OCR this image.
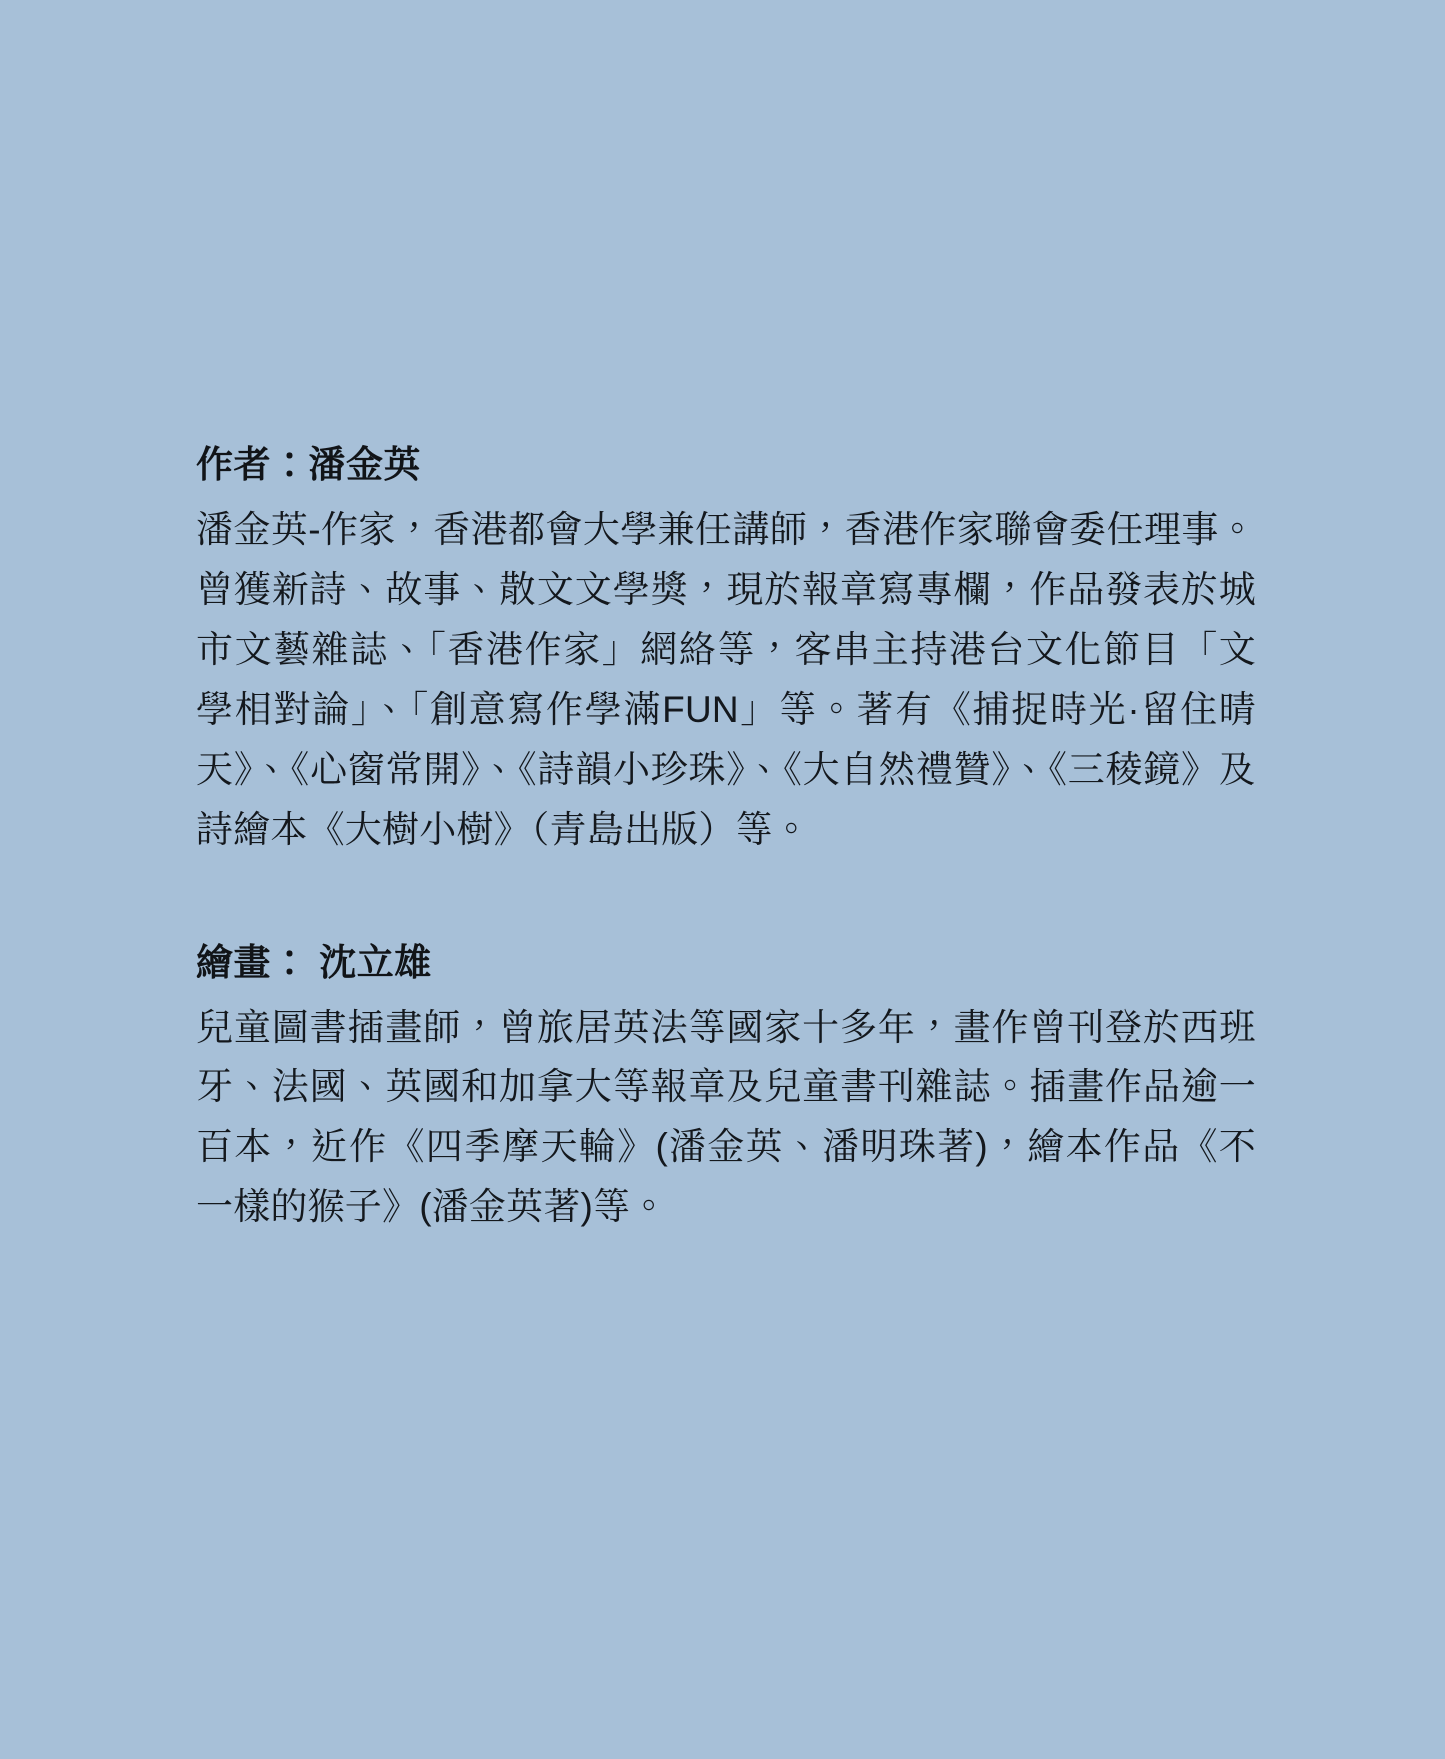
作者：潘金英

潘金英-作家，香港都會大學兼任講師，香港作家聯會委任理事。曾獲新詩、故事、散文文學獎，現於報章寫專欄，作品發表於城市文藝雜誌、「香港作家」網絡等，客串主持港台文化節目「文學相對論」、「創意寫作學滿FUN」等。著有《捕捉時光·留住晴天》、《心窗常開》、《詩韻小珍珠》、《大自然禮贊》、《三稜鏡》及詩繪本《大樹小樹》（青島出版）等。

繪畫： 沈立雄

兒童圖書插畫師，曾旅居英法等國家十多年，畫作曾刊登於西班牙、法國、英國和加拿大等報章及兒童書刊雜誌。插畫作品逾一百本，近作《四季摩天輪》(潘金英、潘明珠著)，繪本作品《不一樣的猴子》(潘金英著)等。
